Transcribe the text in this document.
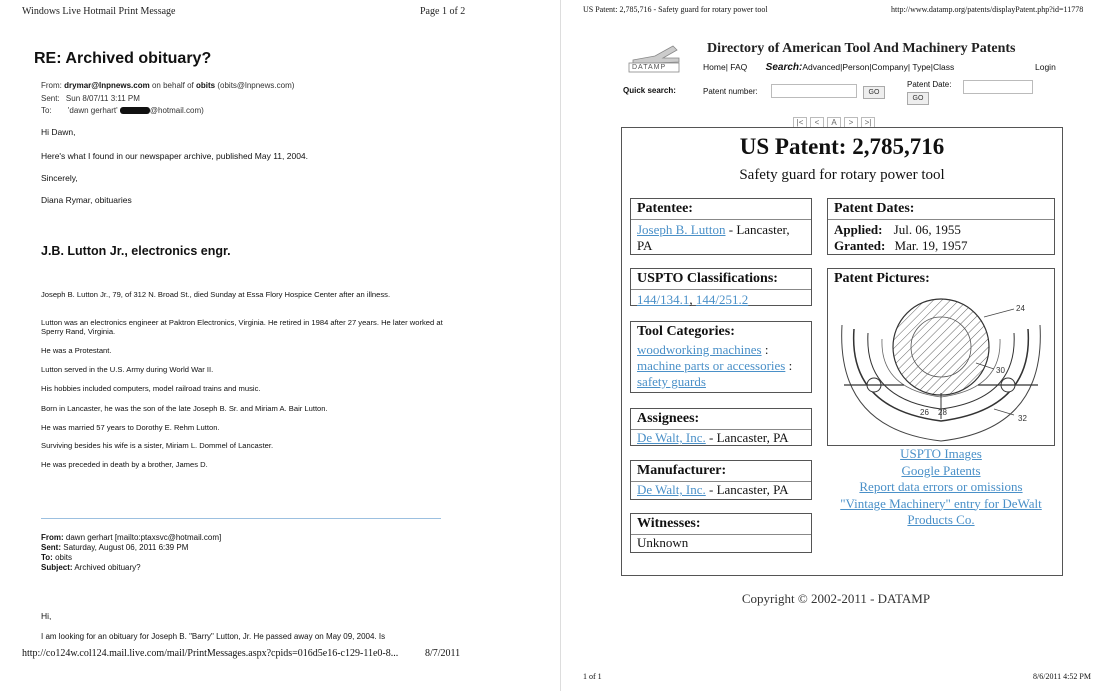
Windows Live Hotmail Print Message	Page 1 of 2
RE: Archived obituary?
From: drymar@lnpnews.com on behalf of obits (obits@lnpnews.com)
Sent: Sun 8/07/11 3:11 PM
To: 'dawn gerhart'	@hotmail.com)
Hi Dawn,
Here's what I found in our newspaper archive, published May 11, 2004.
Sincerely,
Diana Rymar, obituaries
J.B. Lutton Jr., electronics engr.
Joseph B. Lutton Jr., 79, of 312 N. Broad St., died Sunday at Essa Flory Hospice Center after an illness.
Lutton was an electronics engineer at Paktron Electronics, Virginia. He retired in 1984 after 27 years. He later worked at Sperry Rand, Virginia.
He was a Protestant.
Lutton served in the U.S. Army during World War II.
His hobbies included computers, model railroad trains and music.
Born in Lancaster, he was the son of the late Joseph B. Sr. and Miriam A. Bair Lutton.
He was married 57 years to Dorothy E. Rehm Lutton.
Surviving besides his wife is a sister, Miriam L. Dommel of Lancaster.
He was preceded in death by a brother, James D.
From: dawn gerhart [mailto:ptaxsvc@hotmail.com]
Sent: Saturday, August 06, 2011 6:39 PM
To: obits
Subject: Archived obituary?
Hi,
I am looking for an obituary for Joseph B. "Barry" Lutton, Jr. He passed away on May 09, 2004. Is
http://co124w.col124.mail.live.com/mail/PrintMessages.aspx?cpids=016d5e16-c129-11e0-8...	8/7/2011
US Patent: 2,785,716 - Safety guard for rotary power tool	http://www.datamp.org/patents/displayPatent.php?id=11778
DATAMP
Directory of American Tool And Machinery Patents
Home| FAQ Search:Advanced|Person|Company| Type|Class	Login
Quick search:	Patent number:	GO
Patent Date:
GO
|< < A > >|
US Patent: 2,785,716
Safety guard for rotary power tool
Patentee:
Joseph B. Lutton - Lancaster, PA
Patent Dates:
Applied: Jul. 06, 1955
Granted: Mar. 19, 1957
USPTO Classifications:
144/134.1, 144/251.2
Patent Pictures:
24
30
26 28
32
Tool Categories:
woodworking machines :
machine parts or accessories :
safety guards
Assignees:
De Walt, Inc. - Lancaster, PA
Manufacturer:
De Walt, Inc. - Lancaster, PA
Witnesses:
Unknown
USPTO Images
Google Patents
Report data errors or omissions
"Vintage Machinery" entry for DeWalt
Products Co.
Copyright © 2002-2011 - DATAMP
1 of 1	8/6/2011 4:52 PM
